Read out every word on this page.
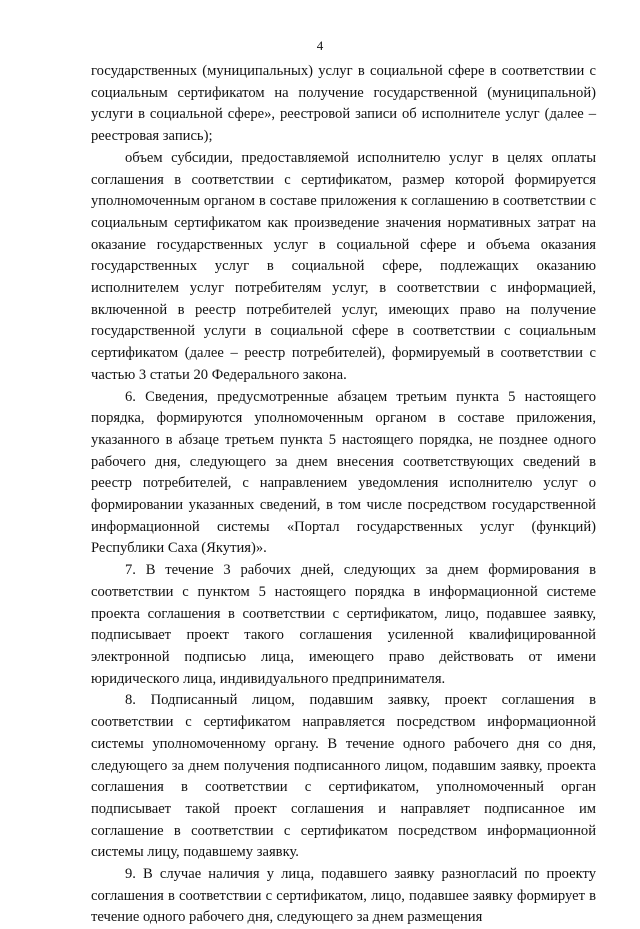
4

государственных (муниципальных) услуг в социальной сфере в соответствии с социальным сертификатом на получение государственной (муниципальной) услуги в социальной сфере», реестровой записи об исполнителе услуг (далее – реестровая запись);

объем субсидии, предоставляемой исполнителю услуг в целях оплаты соглашения в соответствии с сертификатом, размер которой формируется уполномоченным органом в составе приложения к соглашению в соответствии с социальным сертификатом как произведение значения нормативных затрат на оказание государственных услуг в социальной сфере и объема оказания государственных услуг в социальной сфере, подлежащих оказанию исполнителем услуг потребителям услуг, в соответствии с информацией, включенной в реестр потребителей услуг, имеющих право на получение государственной услуги в социальной сфере в соответствии с социальным сертификатом (далее – реестр потребителей), формируемый в соответствии с частью 3 статьи 20 Федерального закона.

6. Сведения, предусмотренные абзацем третьим пункта 5 настоящего порядка, формируются уполномоченным органом в составе приложения, указанного в абзаце третьем пункта 5 настоящего порядка, не позднее одного рабочего дня, следующего за днем внесения соответствующих сведений в реестр потребителей, с направлением уведомления исполнителю услуг о формировании указанных сведений, в том числе посредством государственной информационной системы «Портал государственных услуг (функций) Республики Саха (Якутия)».

7. В течение 3 рабочих дней, следующих за днем формирования в соответствии с пунктом 5 настоящего порядка в информационной системе проекта соглашения в соответствии с сертификатом, лицо, подавшее заявку, подписывает проект такого соглашения усиленной квалифицированной электронной подписью лица, имеющего право действовать от имени юридического лица, индивидуального предпринимателя.

8. Подписанный лицом, подавшим заявку, проект соглашения в соответствии с сертификатом направляется посредством информационной системы уполномоченному органу. В течение одного рабочего дня со дня, следующего за днем получения подписанного лицом, подавшим заявку, проекта соглашения в соответствии с сертификатом, уполномоченный орган подписывает такой проект соглашения и направляет подписанное им соглашение в соответствии с сертификатом посредством информационной системы лицу, подавшему заявку.

9. В случае наличия у лица, подавшего заявку разногласий по проекту соглашения в соответствии с сертификатом, лицо, подавшее заявку формирует в течение одного рабочего дня, следующего за днем размещения
